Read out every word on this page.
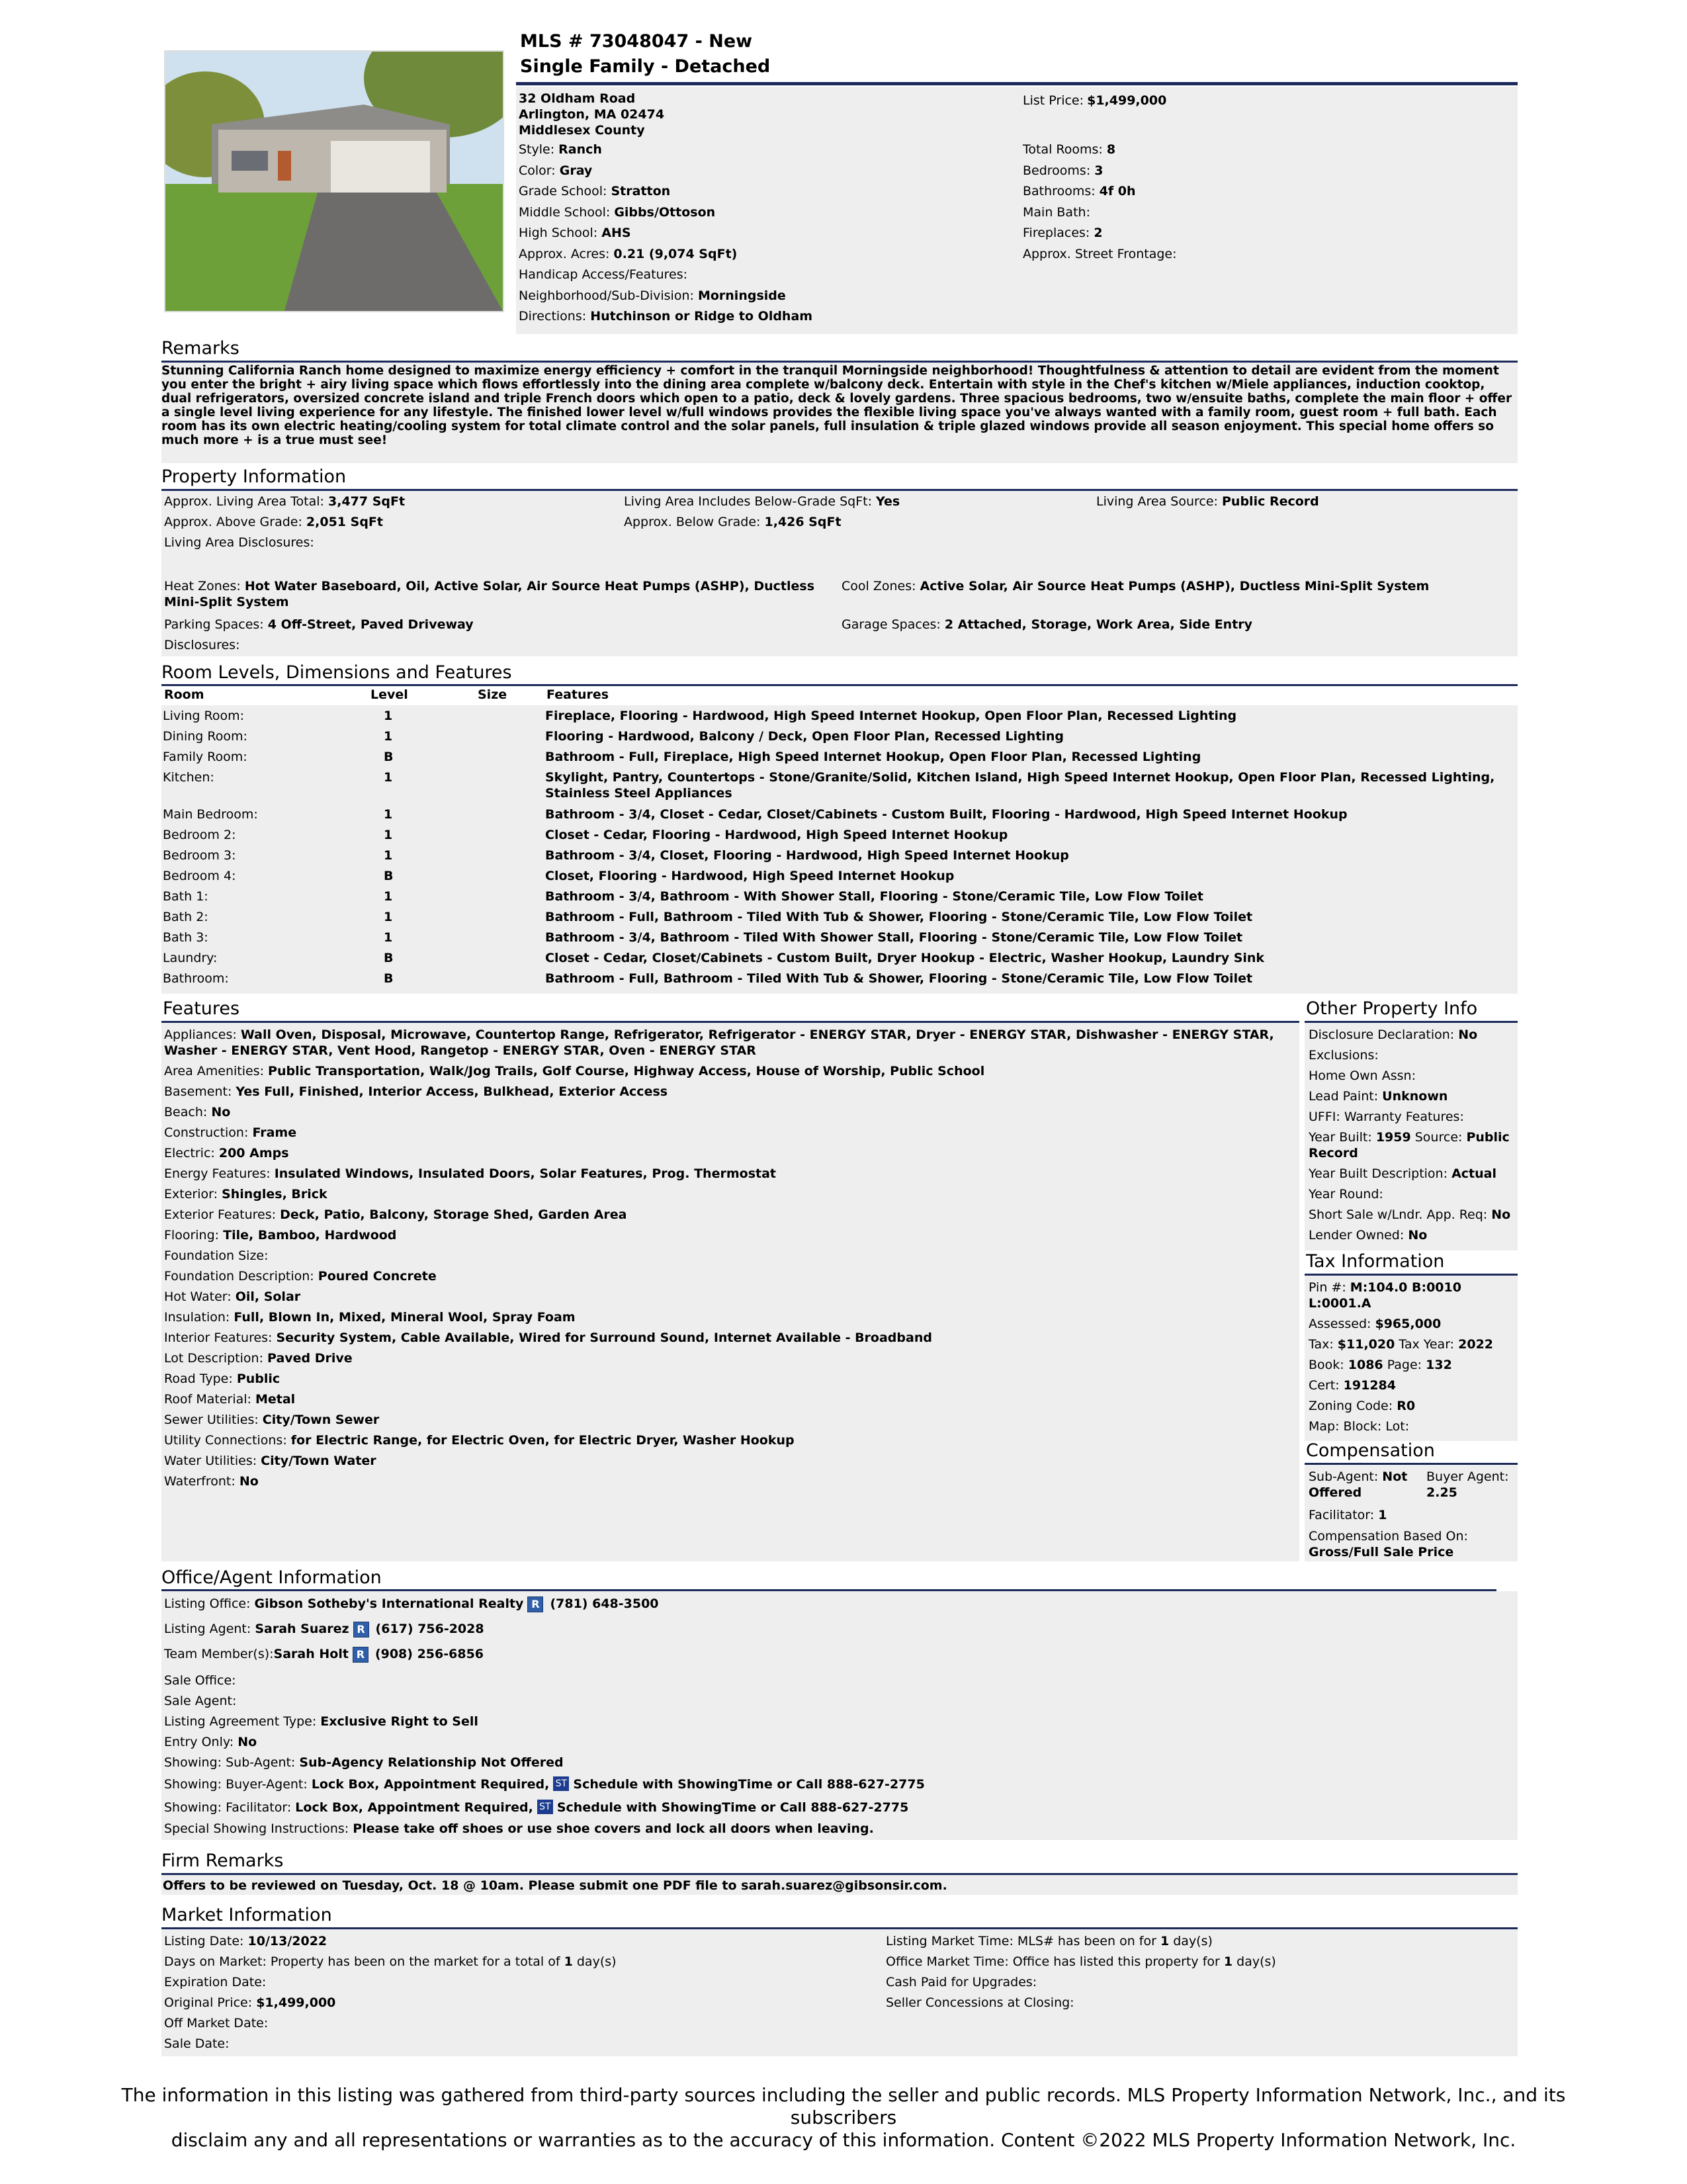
MLS # 73048047 - New
Single Family - Detached
32 Oldham Road
Arlington, MA 02474
Middlesex County
List Price: $1,499,000
Style: Ranch
Color: Gray
Grade School: Stratton
Middle School: Gibbs/Ottoson
High School: AHS
Approx. Acres: 0.21 (9,074 SqFt)
Handicap Access/Features:
Neighborhood/Sub-Division: Morningside
Directions: Hutchinson or Ridge to Oldham
Total Rooms: 8
Bedrooms: 3
Bathrooms: 4f 0h
Main Bath:
Fireplaces: 2
Approx. Street Frontage:
Remarks
Stunning California Ranch home designed to maximize energy efficiency + comfort in the tranquil Morningside neighborhood! Thoughtfulness & attention to detail are evident from the moment you enter the bright + airy living space which flows effortlessly into the dining area complete w/balcony deck. Entertain with style in the Chef's kitchen w/Miele appliances, induction cooktop, dual refrigerators, oversized concrete island and triple French doors which open to a patio, deck & lovely gardens. Three spacious bedrooms, two w/ensuite baths, complete the main floor + offer a single level living experience for any lifestyle. The finished lower level w/full windows provides the flexible living space you've always wanted with a family room, guest room + full bath. Each room has its own electric heating/cooling system for total climate control and the solar panels, full insulation & triple glazed windows provide all season enjoyment. This special home offers so much more + is a true must see!
Property Information
Approx. Living Area Total: 3,477 SqFt	Living Area Includes Below-Grade SqFt: Yes	Living Area Source: Public Record
Approx. Above Grade: 2,051 SqFt	Approx. Below Grade: 1,426 SqFt
Living Area Disclosures:
Heat Zones: Hot Water Baseboard, Oil, Active Solar, Air Source Heat Pumps (ASHP), Ductless Mini-Split System
Cool Zones: Active Solar, Air Source Heat Pumps (ASHP), Ductless Mini-Split System
Parking Spaces: 4 Off-Street, Paved Driveway	Garage Spaces: 2 Attached, Storage, Work Area, Side Entry
Disclosures:
Room Levels, Dimensions and Features
Room	Level	Size	Features
Living Room:	1	Fireplace, Flooring - Hardwood, High Speed Internet Hookup, Open Floor Plan, Recessed Lighting
Dining Room:	1	Flooring - Hardwood, Balcony / Deck, Open Floor Plan, Recessed Lighting
Family Room:	B	Bathroom - Full, Fireplace, High Speed Internet Hookup, Open Floor Plan, Recessed Lighting
Kitchen:	1	Skylight, Pantry, Countertops - Stone/Granite/Solid, Kitchen Island, High Speed Internet Hookup, Open Floor Plan, Recessed Lighting, Stainless Steel Appliances
Main Bedroom:	1	Bathroom - 3/4, Closet - Cedar, Closet/Cabinets - Custom Built, Flooring - Hardwood, High Speed Internet Hookup
Bedroom 2:	1	Closet - Cedar, Flooring - Hardwood, High Speed Internet Hookup
Bedroom 3:	1	Bathroom - 3/4, Closet, Flooring - Hardwood, High Speed Internet Hookup
Bedroom 4:	B	Closet, Flooring - Hardwood, High Speed Internet Hookup
Bath 1:	1	Bathroom - 3/4, Bathroom - With Shower Stall, Flooring - Stone/Ceramic Tile, Low Flow Toilet
Bath 2:	1	Bathroom - Full, Bathroom - Tiled With Tub & Shower, Flooring - Stone/Ceramic Tile, Low Flow Toilet
Bath 3:	1	Bathroom - 3/4, Bathroom - Tiled With Shower Stall, Flooring - Stone/Ceramic Tile, Low Flow Toilet
Laundry:	B	Closet - Cedar, Closet/Cabinets - Custom Built, Dryer Hookup - Electric, Washer Hookup, Laundry Sink
Bathroom:	B	Bathroom - Full, Bathroom - Tiled With Tub & Shower, Flooring - Stone/Ceramic Tile, Low Flow Toilet
Features
Appliances: Wall Oven, Disposal, Microwave, Countertop Range, Refrigerator, Refrigerator - ENERGY STAR, Dryer - ENERGY STAR, Dishwasher - ENERGY STAR, Washer - ENERGY STAR, Vent Hood, Rangetop - ENERGY STAR, Oven - ENERGY STAR
Area Amenities: Public Transportation, Walk/Jog Trails, Golf Course, Highway Access, House of Worship, Public School
Basement: Yes Full, Finished, Interior Access, Bulkhead, Exterior Access
Beach: No
Construction: Frame
Electric: 200 Amps
Energy Features: Insulated Windows, Insulated Doors, Solar Features, Prog. Thermostat
Exterior: Shingles, Brick
Exterior Features: Deck, Patio, Balcony, Storage Shed, Garden Area
Flooring: Tile, Bamboo, Hardwood
Foundation Size:
Foundation Description: Poured Concrete
Hot Water: Oil, Solar
Insulation: Full, Blown In, Mixed, Mineral Wool, Spray Foam
Interior Features: Security System, Cable Available, Wired for Surround Sound, Internet Available - Broadband
Lot Description: Paved Drive
Road Type: Public
Roof Material: Metal
Sewer Utilities: City/Town Sewer
Utility Connections: for Electric Range, for Electric Oven, for Electric Dryer, Washer Hookup
Water Utilities: City/Town Water
Waterfront: No
Other Property Info
Disclosure Declaration: No
Exclusions:
Home Own Assn:
Lead Paint: Unknown
UFFI: Warranty Features:
Year Built: 1959 Source: Public Record
Year Built Description: Actual
Year Round:
Short Sale w/Lndr. App. Req: No
Lender Owned: No
Tax Information
Pin #: M:104.0 B:0010 L:0001.A
Assessed: $965,000
Tax: $11,020 Tax Year: 2022
Book: 1086 Page: 132
Cert: 191284
Zoning Code: R0
Map: Block: Lot:
Compensation
Sub-Agent: Not Offered
Buyer Agent: 2.25
Facilitator: 1
Compensation Based On: Gross/Full Sale Price
Office/Agent Information
Listing Office: Gibson Sotheby's International Realty R (781) 648-3500
Listing Agent: Sarah Suarez R (617) 756-2028
Team Member(s):Sarah Holt R (908) 256-6856
Sale Office:
Sale Agent:
Listing Agreement Type: Exclusive Right to Sell
Entry Only: No
Showing: Sub-Agent: Sub-Agency Relationship Not Offered
Showing: Buyer-Agent: Lock Box, Appointment Required, ST Schedule with ShowingTime or Call 888-627-2775
Showing: Facilitator: Lock Box, Appointment Required, ST Schedule with ShowingTime or Call 888-627-2775
Special Showing Instructions: Please take off shoes or use shoe covers and lock all doors when leaving.
Firm Remarks
Offers to be reviewed on Tuesday, Oct. 18 @ 10am. Please submit one PDF file to sarah.suarez@gibsonsir.com.
Market Information
Listing Date: 10/13/2022
Days on Market: Property has been on the market for a total of 1 day(s)
Expiration Date:
Original Price: $1,499,000
Off Market Date:
Sale Date:
Listing Market Time: MLS# has been on for 1 day(s)
Office Market Time: Office has listed this property for 1 day(s)
Cash Paid for Upgrades:
Seller Concessions at Closing:
The information in this listing was gathered from third-party sources including the seller and public records. MLS Property Information Network, Inc., and its subscribers
disclaim any and all representations or warranties as to the accuracy of this information. Content ©2022 MLS Property Information Network, Inc.
